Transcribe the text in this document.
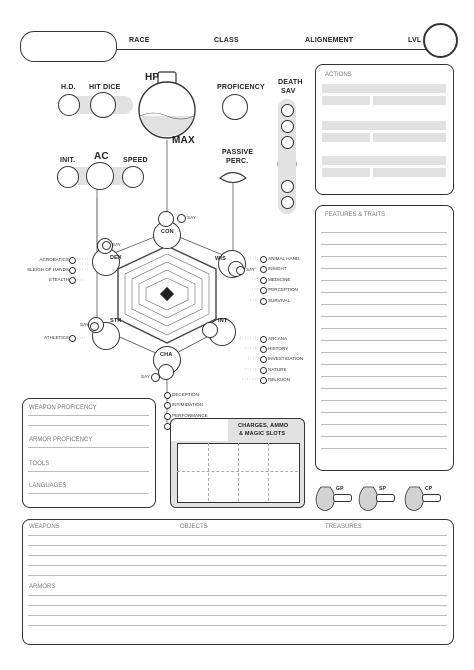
RACE	CLASS	ALIGNEMENT	LVL
H.D. HIT DICE
HP
MAX
PROFICENCY
DEATH
SAV
INIT. AC SPEED
PASSIVE
PERC.
CON
SAY
DEX
SAY
WIS
SAY
STR
SAY
INT
CHA
SAY
ACROBATICS
SLEIGH OF HANDS
STEALTH
ATHLETICS
ANIMAL HAND.
INSIGHT
MEDICINE
PERCEPTION
SURVIVAL
ARCANA
HISTORY
INVESTIGATION
NATURE
RELIGION
DECEPTION
INTIMIDATION
PERFORMANCE
ACTIONS
FEATURES & TRAITS
WEAPON PROFICENCY
ARMOR PROFICENCY
TOOLS
LANGUAGES
CHARGES, AMMO
& MAGIC SLOTS
GP	SP	CP
WEAPONS	OBJECTS	TREASURES
ARMORS
